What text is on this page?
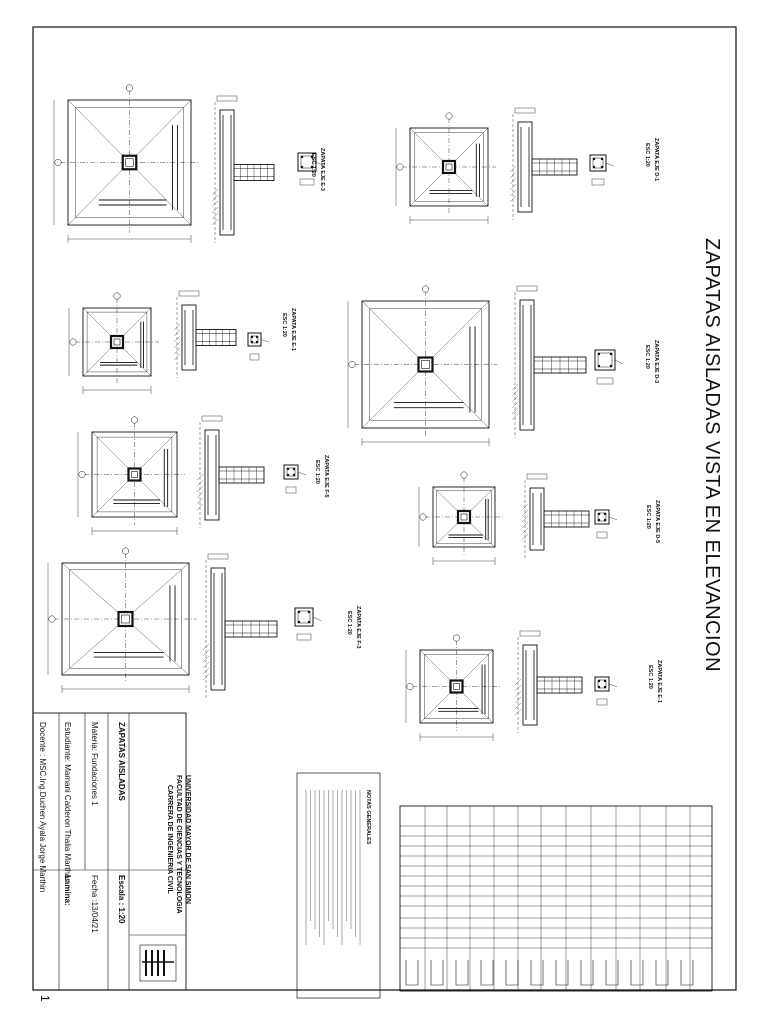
ZAPATAS AISLADAS VISTA EN ELEVANCION
ZAPATA EJE D-1
ESC 1:20
ZAPATA EJE E-3
ESC 1:20
ZAPATA EJE D-3
ESC 1:20
ZAPATA EJE E-1
ESC 1:20
ZAPATA EJE F-5
ESC 1:20
ZAPATA EJE D-5
ESC 1:20
ZAPATA EJE F-3
ESC 1:20
ZAPATA EJE E-1
ESC 1:20
NOTAS GENERALES
UNIVERSIDAD MAYOR DE SAN SIMON
FACULTAD DE CIENCIAS Y TECNOLOGIA
CARRERA DE INGENIERIA CIVIL
ZAPATAS AISLADAS
Materia: Fundaciones 1
Estudiante: Mamani Calderon Thalia Marthar
Docente : MSC.Ing.Duchen Ayala Jorge Marthin
Escala : 1:20
Fecha :13/04/21
Lamina:
1
